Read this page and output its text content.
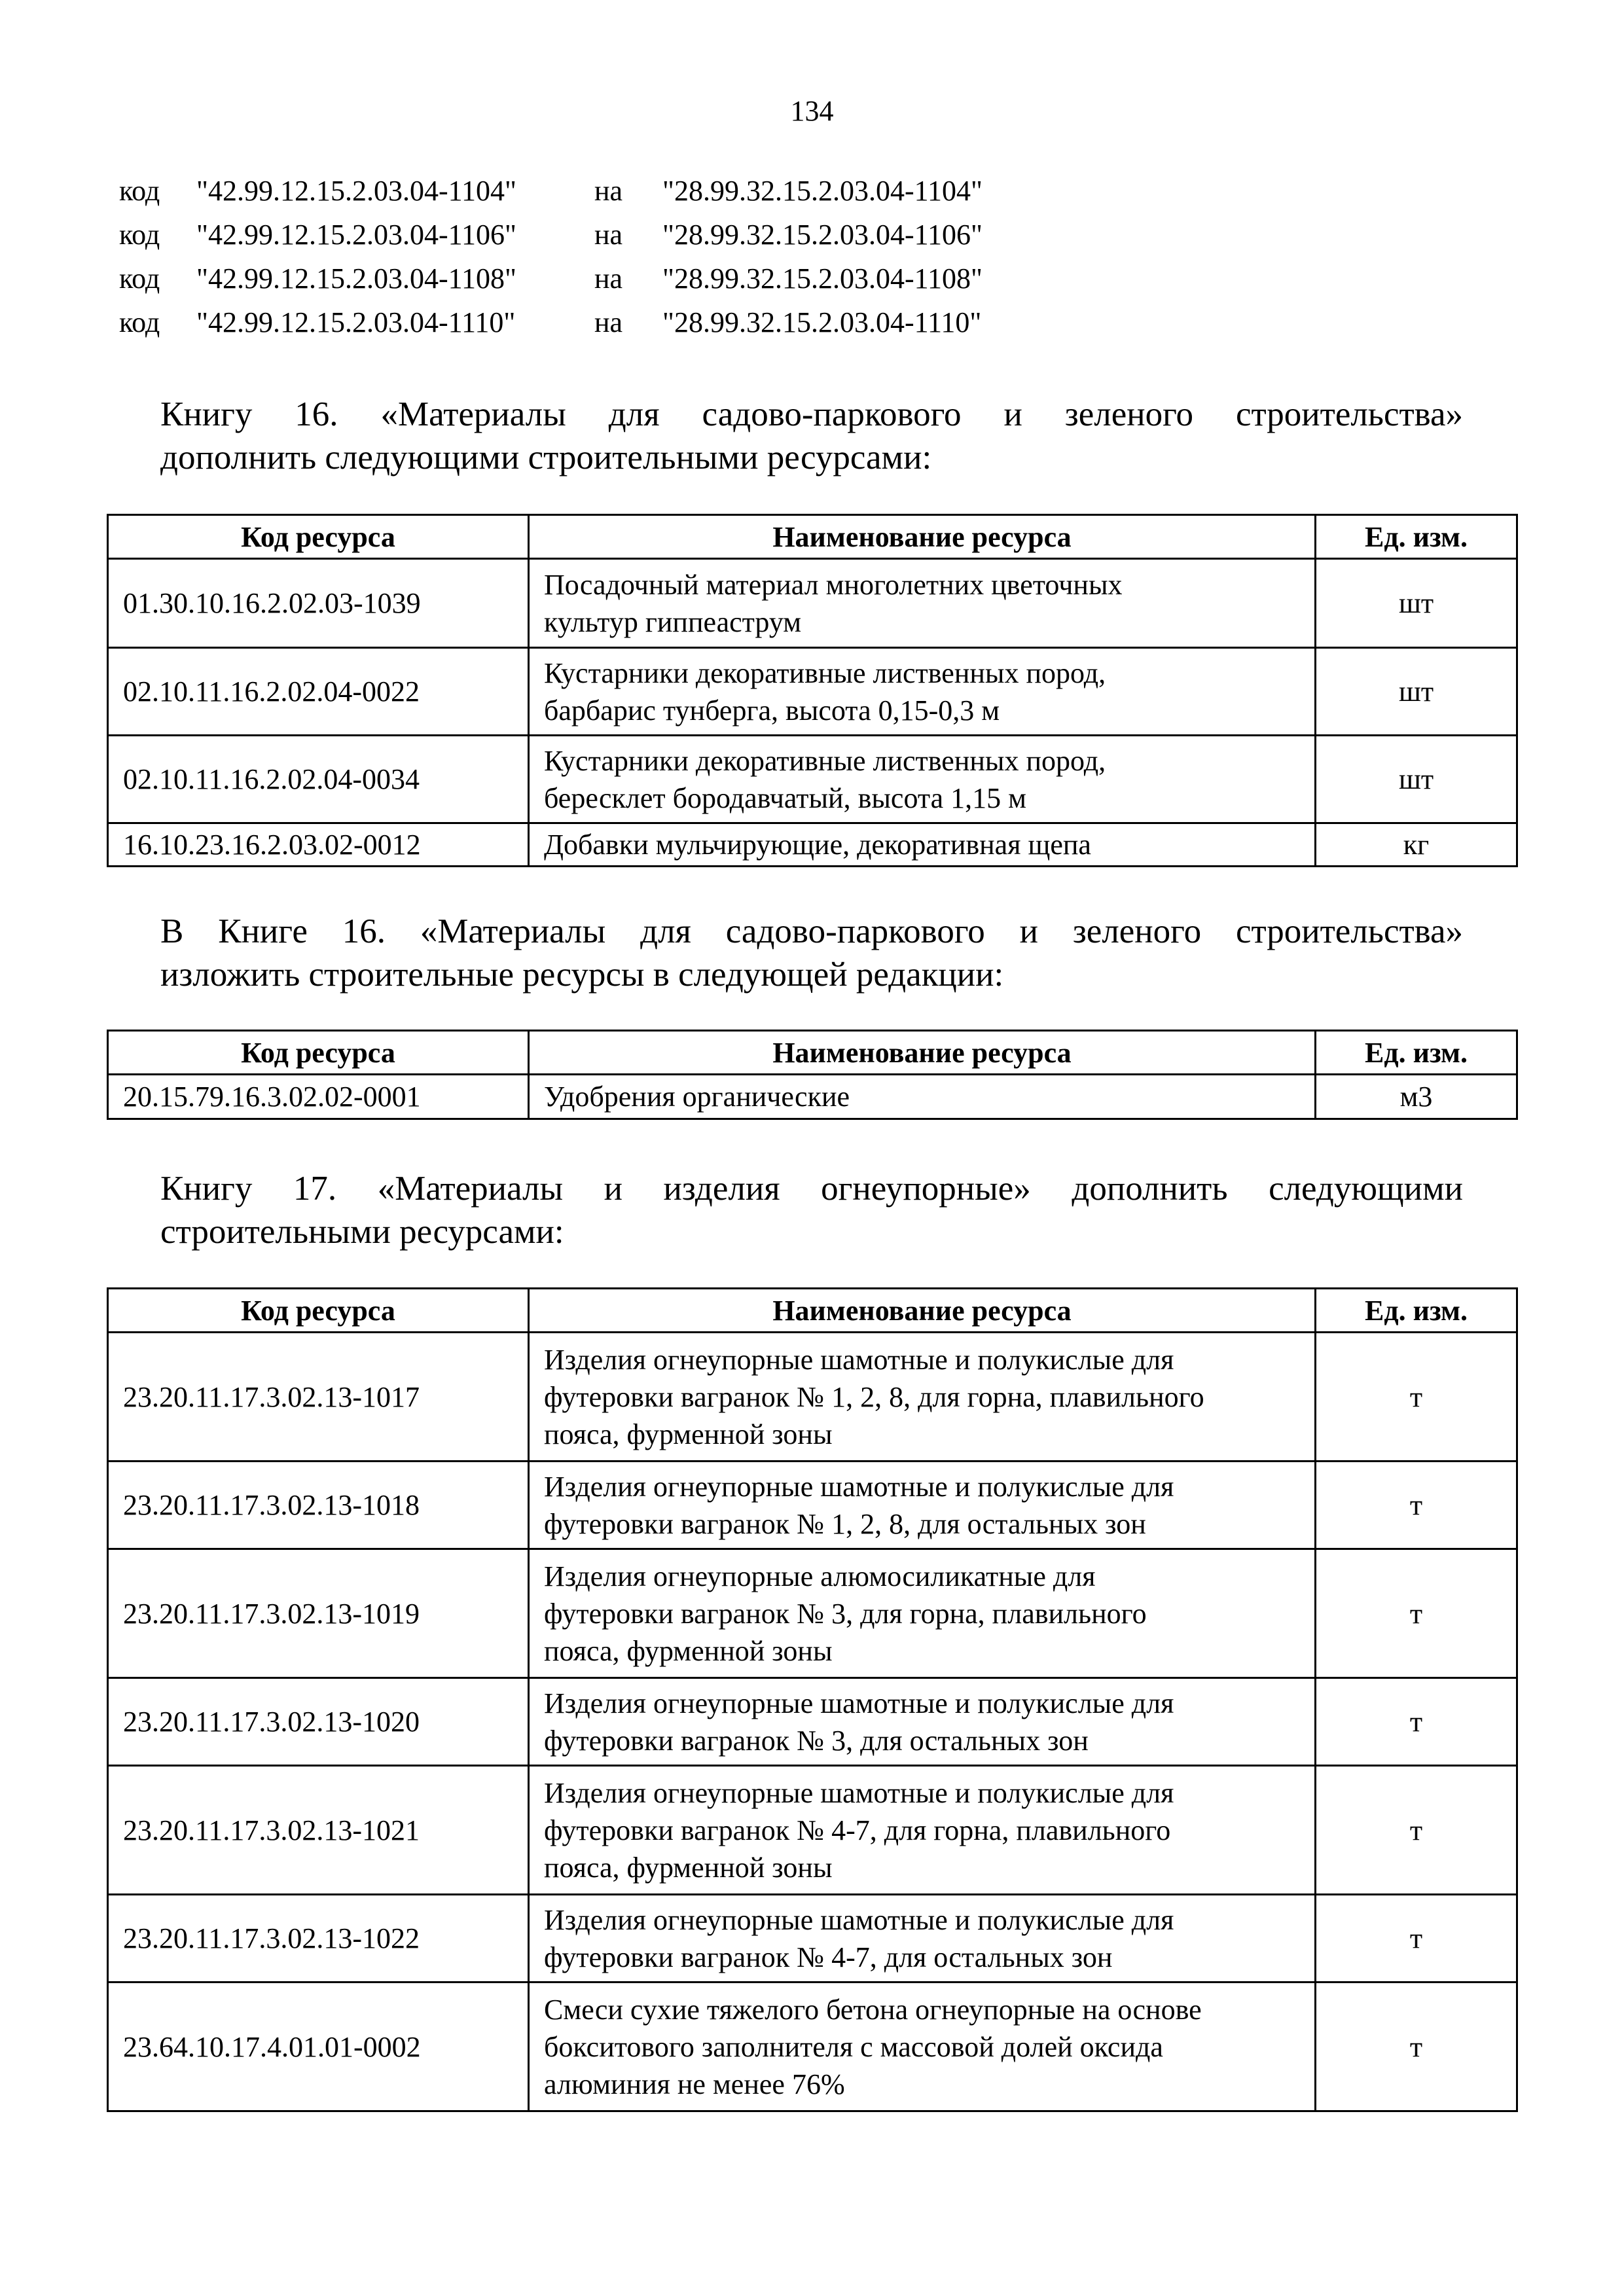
134
код "42.99.12.15.2.03.04-1104"	на "28.99.32.15.2.03.04-1104"
код "42.99.12.15.2.03.04-1106"	на "28.99.32.15.2.03.04-1106"
код "42.99.12.15.2.03.04-1108"	на "28.99.32.15.2.03.04-1108"
код "42.99.12.15.2.03.04-1110"	на "28.99.32.15.2.03.04-1110"
Книгу 16. «Материалы для садово-паркового и зеленого строительства»
дополнить следующими строительными ресурсами:
Код ресурса	Наименование ресурса	Ед. изм.
01.30.10.16.2.02.03-1039	Посадочный материал многолетних цветочных
культур гиппеаструм	шт
02.10.11.16.2.02.04-0022	Кустарники декоративные лиственных пород,
барбарис тунберга, высота 0,15-0,3 м	шт
02.10.11.16.2.02.04-0034	Кустарники декоративные лиственных пород,
бересклет бородавчатый, высота 1,15 м	шт
16.10.23.16.2.03.02-0012	Добавки мульчирующие, декоративная щепа	кг
В Книге 16. «Материалы для садово-паркового и зеленого строительства»
изложить строительные ресурсы в следующей редакции:
Код ресурса	Наименование ресурса	Ед. изм.
20.15.79.16.3.02.02-0001	Удобрения органические	м3
Книгу 17. «Материалы и изделия огнеупорные» дополнить следующими
строительными ресурсами:
Код ресурса	Наименование ресурса	Ед. изм.
23.20.11.17.3.02.13-1017	Изделия огнеупорные шамотные и полукислые для
футеровки вагранок № 1, 2, 8, для горна, плавильного
пояса, фурменной зоны	т
23.20.11.17.3.02.13-1018	Изделия огнеупорные шамотные и полукислые для
футеровки вагранок № 1, 2, 8, для остальных зон	т
23.20.11.17.3.02.13-1019	Изделия огнеупорные алюмосиликатные для
футеровки вагранок № 3, для горна, плавильного
пояса, фурменной зоны	т
23.20.11.17.3.02.13-1020	Изделия огнеупорные шамотные и полукислые для
футеровки вагранок № 3, для остальных зон	т
23.20.11.17.3.02.13-1021	Изделия огнеупорные шамотные и полукислые для
футеровки вагранок № 4-7, для горна, плавильного
пояса, фурменной зоны	т
23.20.11.17.3.02.13-1022	Изделия огнеупорные шамотные и полукислые для
футеровки вагранок № 4-7, для остальных зон	т
23.64.10.17.4.01.01-0002	Смеси сухие тяжелого бетона огнеупорные на основе
бокситового заполнителя с массовой долей оксида
алюминия не менее 76%	т
